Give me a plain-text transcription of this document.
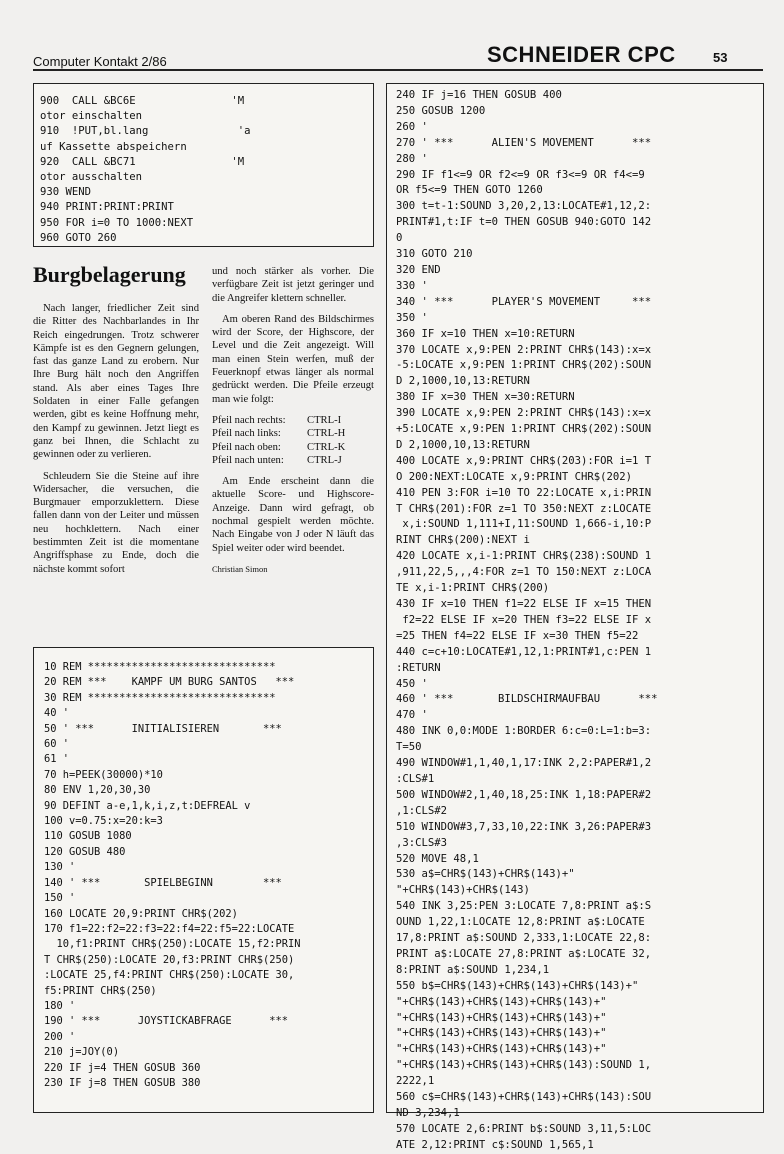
Computer Kontakt 2/86	SCHNEIDER CPC	53
900  CALL &BC6E               'M
otor einschalten
910  !PUT,bl.lang              'a
uf Kassette abspeichern
920  CALL &BC71               'M
otor ausschalten
930 WEND
940 PRINT:PRINT:PRINT
950 FOR i=0 TO 1000:NEXT
960 GOTO 260
Burgbelagerung

Nach langer, friedlicher Zeit sind die Ritter des Nachbarlandes in Ihr Reich eingedrungen. Trotz schwerer Kämpfe ist es den Gegnern gelungen, fast das ganze Land zu erobern. Nur Ihre Burg hält noch den Angriffen stand. Als aber eines Tages Ihre Soldaten in einer Falle gefangen werden, gibt es keine Hoffnung mehr, den Kampf zu gewinnen. Jetzt liegt es ganz bei Ihnen, die Schlacht zu gewinnen oder zu verlieren.

Schleudern Sie die Steine auf ihre Widersacher, die versuchen, die Burgmauer emporzuklettern. Diese fallen dann von der Leiter und müssen neu hochklettern. Nach einer bestimmten Zeit ist die momentane Angriffsphase zu Ende, doch die nächste kommt sofort

und noch stärker als vorher. Die verfügbare Zeit ist jetzt geringer und die Angreifer klettern schneller.

Am oberen Rand des Bildschirmes wird der Score, der Highscore, der Level und die Zeit angezeigt. Will man einen Stein werfen, muß der Feuerknopf etwas länger als normal gedrückt werden. Die Pfeile erzeugt man wie folgt:

Pfeil nach rechts:	CTRL-I
Pfeil nach links:	CTRL-H
Pfeil nach oben:	CTRL-K
Pfeil nach unten:	CTRL-J

Am Ende erscheint dann die aktuelle Score- und Highscore-Anzeige. Dann wird gefragt, ob nochmal gespielt werden möchte. Nach Eingabe von J oder N läuft das Spiel weiter oder wird beendet.

Christian Simon
10 REM ******************************
20 REM ***    KAMPF UM BURG SANTOS   ***
30 REM ******************************
40 '
50 ' ***      INITIALISIEREN       ***
60 '
61 '
70 h=PEEK(30000)*10
80 ENV 1,20,30,30
90 DEFINT a-e,1,k,i,z,t:DEFREAL v
100 v=0.75:x=20:k=3
110 GOSUB 1080
120 GOSUB 480
130 '
140 ' ***       SPIELBEGINN        ***
150 '
160 LOCATE 20,9:PRINT CHR$(202)
170 f1=22:f2=22:f3=22:f4=22:f5=22:LOCATE
10,f1:PRINT CHR$(250):LOCATE 15,f2:PRIN
T CHR$(250):LOCATE 20,f3:PRINT CHR$(250)
:LOCATE 25,f4:PRINT CHR$(250):LOCATE 30,
f5:PRINT CHR$(250)
180 '
190 ' ***      JOYSTICKABFRAGE      ***
200 '
210 j=JOY(0)
220 IF j=4 THEN GOSUB 360
230 IF j=8 THEN GOSUB 380
240 IF j=16 THEN GOSUB 400
250 GOSUB 1200
260 '
270 ' ***      ALIEN'S MOVEMENT      ***
280 '
290 IF f1<=9 OR f2<=9 OR f3<=9 OR f4<=9
OR f5<=9 THEN GOTO 1260
300 t=t-1:SOUND 3,20,2,13:LOCATE#1,12,2:
PRINT#1,t:IF t=0 THEN GOSUB 940:GOTO 142
0
310 GOTO 210
320 END
330 '
340 ' ***      PLAYER'S MOVEMENT     ***
350 '
360 IF x=10 THEN x=10:RETURN
370 LOCATE x,9:PEN 2:PRINT CHR$(143):x=x
-5:LOCATE x,9:PEN 1:PRINT CHR$(202):SOUN
D 2,1000,10,13:RETURN
380 IF x=30 THEN x=30:RETURN
390 LOCATE x,9:PEN 2:PRINT CHR$(143):x=x
+5:LOCATE x,9:PEN 1:PRINT CHR$(202):SOUN
D 2,1000,10,13:RETURN
400 LOCATE x,9:PRINT CHR$(203):FOR i=1 T
O 200:NEXT:LOCATE x,9:PRINT CHR$(202)
410 PEN 3:FOR i=10 TO 22:LOCATE x,i:PRIN
T CHR$(201):FOR z=1 TO 350:NEXT z:LOCATE
x,i:SOUND 1,111+I,11:SOUND 1,666-i,10:P
RINT CHR$(200):NEXT i
420 LOCATE x,i-1:PRINT CHR$(238):SOUND 1
,911,22,5,,,4:FOR z=1 TO 150:NEXT z:LOCA
TE x,i-1:PRINT CHR$(200)
430 IF x=10 THEN f1=22 ELSE IF x=15 THEN
f2=22 ELSE IF x=20 THEN f3=22 ELSE IF x
=25 THEN f4=22 ELSE IF x=30 THEN f5=22
440 c=c+10:LOCATE#1,12,1:PRINT#1,c:PEN 1
:RETURN
450 '
460 ' ***       BILDSCHIRMAUFBAU      ***
470 '
480 INK 0,0:MODE 1:BORDER 6:c=0:L=1:b=3:
T=50
490 WINDOW#1,1,40,1,17:INK 2,2:PAPER#1,2
:CLS#1
500 WINDOW#2,1,40,18,25:INK 1,18:PAPER#2
,1:CLS#2
510 WINDOW#3,7,33,10,22:INK 3,26:PAPER#3
,3:CLS#3
520 MOVE 48,1
530 a$=CHR$(143)+CHR$(143)+"
"+CHR$(143)+CHR$(143)
540 INK 3,25:PEN 3:LOCATE 7,8:PRINT a$:S
OUND 1,22,1:LOCATE 12,8:PRINT a$:LOCATE
17,8:PRINT a$:SOUND 2,333,1:LOCATE 22,8:
PRINT a$:LOCATE 27,8:PRINT a$:LOCATE 32,
8:PRINT a$:SOUND 1,234,1
550 b$=CHR$(143)+CHR$(143)+CHR$(143)+"
"+CHR$(143)+CHR$(143)+CHR$(143)+"
"+CHR$(143)+CHR$(143)+CHR$(143)+"
"+CHR$(143)+CHR$(143)+CHR$(143)+"
"+CHR$(143)+CHR$(143)+CHR$(143)+"
"+CHR$(143)+CHR$(143)+CHR$(143):SOUND 1,
2222,1
560 c$=CHR$(143)+CHR$(143)+CHR$(143):SOU
ND 3,234,1
570 LOCATE 2,6:PRINT b$:SOUND 3,11,5:LOC
ATE 2,12:PRINT c$:SOUND 1,565,1
